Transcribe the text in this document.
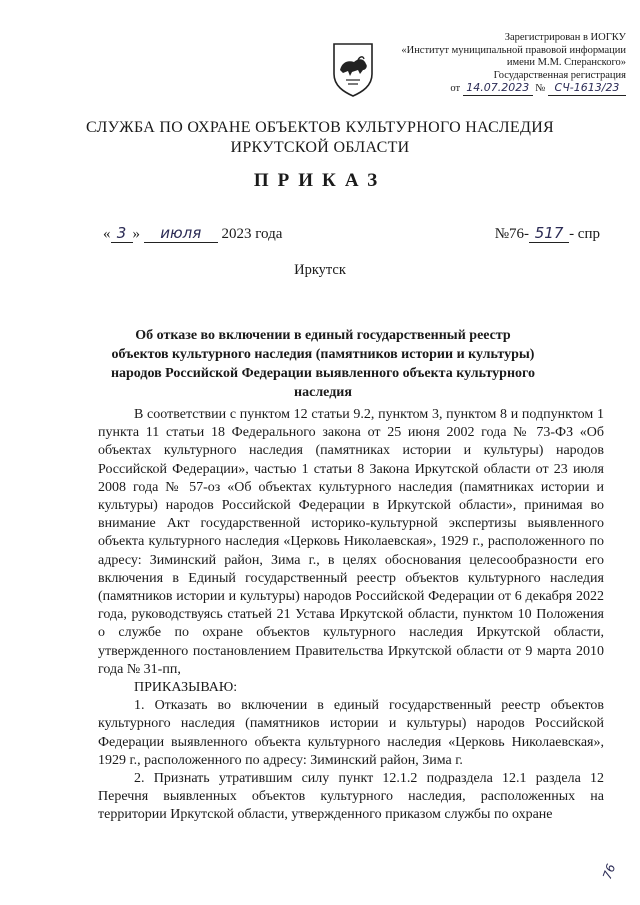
Зарегистрирован в ИОГКУ
«Институт муниципальной правовой информации
имени М.М. Сперанского»
Государственная регистрация
от 14.07.2023 № СЧ-1613/23
СЛУЖБА ПО ОХРАНЕ ОБЪЕКТОВ КУЛЬТУРНОГО НАСЛЕДИЯ
ИРКУТСКОЙ ОБЛАСТИ
ПРИКАЗ
« 3 » июля 2023 года	№76- 517 - спр
Иркутск
Об отказе во включении в единый государственный реестр объектов культурного наследия (памятников истории и культуры) народов Российской Федерации выявленного объекта культурного наследия

В соответствии с пунктом 12 статьи 9.2, пунктом 3, пунктом 8 и подпунктом 1 пункта 11 статьи 18 Федерального закона от 25 июня 2002 года № 73-ФЗ «Об объектах культурного наследия (памятниках истории и культуры) народов Российской Федерации», частью 1 статьи 8 Закона Иркутской области от 23 июля 2008 года № 57-оз «Об объектах культурного наследия (памятниках истории и культуры) народов Российской Федерации в Иркутской области», принимая во внимание Акт государственной историко-культурной экспертизы выявленного объекта культурного наследия «Церковь Николаевская», 1929 г., расположенного по адресу: Зиминский район, Зима г., в целях обоснования целесообразности его включения в Единый государственный реестр объектов культурного наследия (памятников истории и культуры) народов Российской Федерации от 6 декабря 2022 года, руководствуясь статьей 21 Устава Иркутской области, пунктом 10 Положения о службе по охране объектов культурного наследия Иркутской области, утвержденного постановлением Правительства Иркутской области от 9 марта 2010 года № 31-пп,

ПРИКАЗЫВАЮ:

1. Отказать во включении в единый государственный реестр объектов культурного наследия (памятников истории и культуры) народов Российской Федерации выявленного объекта культурного наследия «Церковь Николаевская», 1929 г., расположенного по адресу: Зиминский район, Зима г.

2. Признать утратившим силу пункт 12.1.2 подраздела 12.1 раздела 12 Перечня выявленных объектов культурного наследия, расположенных на территории Иркутской области, утвержденного приказом службы по охране

76
